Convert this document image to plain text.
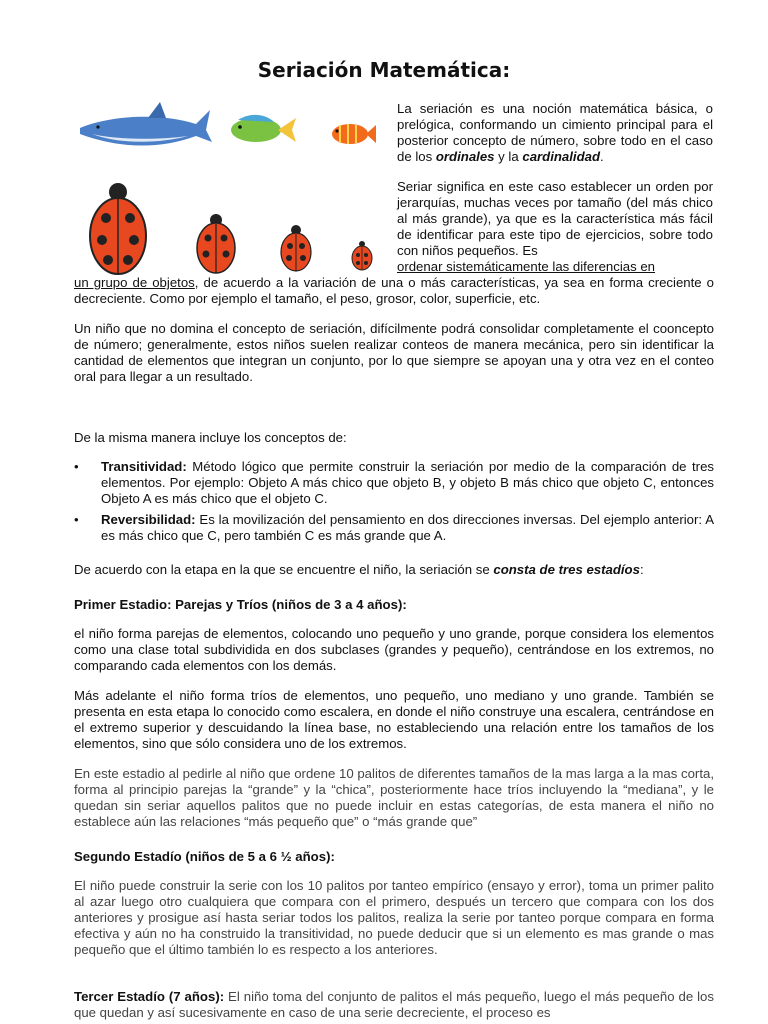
Seriación Matemática:

La seriación es una noción matemática básica, o prelógica, conformando un cimiento principal para el posterior concepto de número, sobre todo en el caso de los ordinales y la cardinalidad.

Seriar significa en este caso establecer un orden por jerarquías, muchas veces por tamaño (del más chico al más grande), ya que es la característica más fácil de identificar para este tipo de ejercicios, sobre todo con niños pequeños. Es

ordenar sistemáticamente las diferencias en

un grupo de objetos, de acuerdo a la variación de una o más características, ya sea en forma creciente o decreciente. Como por ejemplo el tamaño, el peso, grosor, color, superficie, etc.

Un niño que no domina el concepto de seriación, difícilmente podrá consolidar completamente el coonceptо de número; generalmente, estos niños suelen realizar conteos de manera mecánica, pero sin identificar la cantidad de elementos que integran un conjunto, por lo que siempre se apoyan una y otra vez en el conteo oral para llegar a un resultado.

De la misma manera incluye los conceptos de:

• Transitividad: Método lógico que permite construir la seriación por medio de la comparación de tres elementos. Por ejemplo: Objeto A más chico que objeto B, y objeto B más chico que objeto C, entonces Objeto A es más chico que el objeto C.
• Reversibilidad: Es la movilización del pensamiento en dos direcciones inversas. Del ejemplo anterior: A es más chico que C, pero también C es más grande que A.

De acuerdo con la etapa en la que se encuentre el niño, la seriación se consta de tres estadíos:

Primer Estadio: Parejas y Tríos (niños de 3 a 4 años):

el niño forma parejas de elementos, colocando uno pequeño y uno grande, porque considera los elementos como una clase total subdividida en dos subclases (grandes y pequeño), centrándose en los extremos, no comparando cada elementos con los demás.

Más adelante el niño forma tríos de elementos, uno pequeño, uno mediano y uno grande. También se presenta en esta etapa lo conocido como escalera, en donde el niño construye una escalera, centrándose en el extremo superior y descuidando la línea base, no estableciendo una relación entre los tamaños de los elementos, sino que sólo considera uno de los extremos.

En este estadio al pedirle al niño que ordene 10 palitos de diferentes tamaños de la mas larga a la mas corta, forma al principio parejas la “grande” y la “chica”, posteriormente hace tríos incluyendo la “mediana”, y le quedan sin seriar aquellos palitos que no puede incluir en estas categorías, de esta manera el niño no establece aún las relaciones “más pequeño que” o “más grande que”

Segundo Estadío (niños de 5 a 6 ½ años):

El niño puede construir la serie con los 10 palitos por tanteo empírico (ensayo y error), toma un primer palito al azar luego otro cualquiera que compara con el primero, después un tercero que compara con los dos anteriores y prosigue así hasta seriar todos los palitos, realiza la serie por tanteo porque compara en forma efectiva y aún no ha construido la transitividad, no puede deducir que si un elemento es mas grande o mas pequeño que el último también lo es respecto a los anteriores.

Tercer Estadío (7 años): El niño toma del conjunto de palitos el más pequeño, luego el más pequeño de los que quedan y así sucesivamente en caso de una serie decreciente, el proceso es
